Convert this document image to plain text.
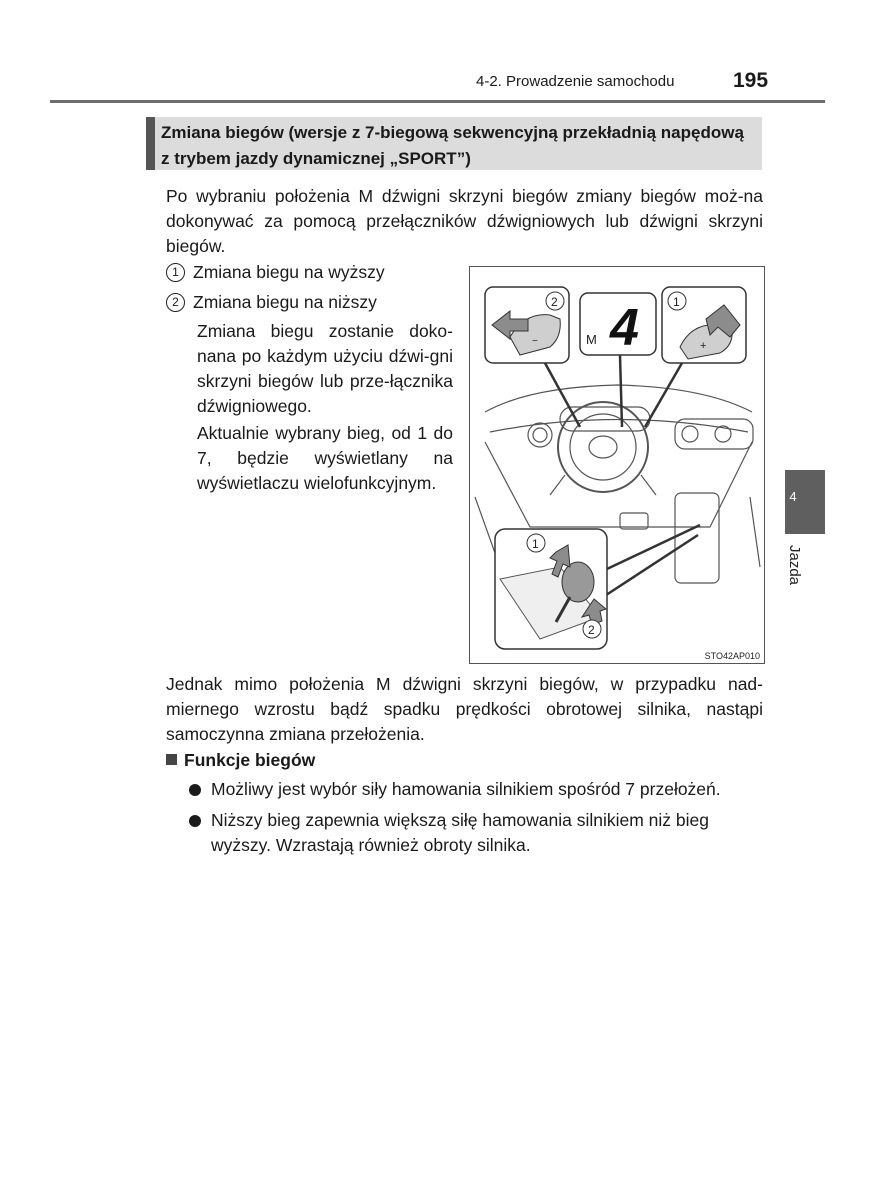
4-2. Prowadzenie samochodu	195
Zmiana biegów (wersje z 7-biegową sekwencyjną przekładnią napędową z trybem jazdy dynamicznej „SPORT”)
Po wybraniu położenia M dźwigni skrzyni biegów zmiany biegów moż-na dokonywać za pomocą przełączników dźwigniowych lub dźwigni skrzyni biegów.
1 Zmiana biegu na wyższy
2 Zmiana biegu na niższy
Zmiana biegu zostanie doko-nana po każdym użyciu dźwi-gni skrzyni biegów lub prze-łącznika dźwigniowego.
Aktualnie wybrany bieg, od 1 do 7, będzie wyświetlany na wyświetlaczu wielofunkcyjnym.
−
2
M 4	+
1
1
2
STO42AP010
Jednak mimo położenia M dźwigni skrzyni biegów, w przypadku nad-miernego wzrostu bądź spadku prędkości obrotowej silnika, nastąpi samoczynna zmiana przełożenia.
Funkcje biegów
Możliwy jest wybór siły hamowania silnikiem spośród 7 przełożeń.
Niższy bieg zapewnia większą siłę hamowania silnikiem niż bieg wyższy. Wzrastają również obroty silnika.
4
Jazda
